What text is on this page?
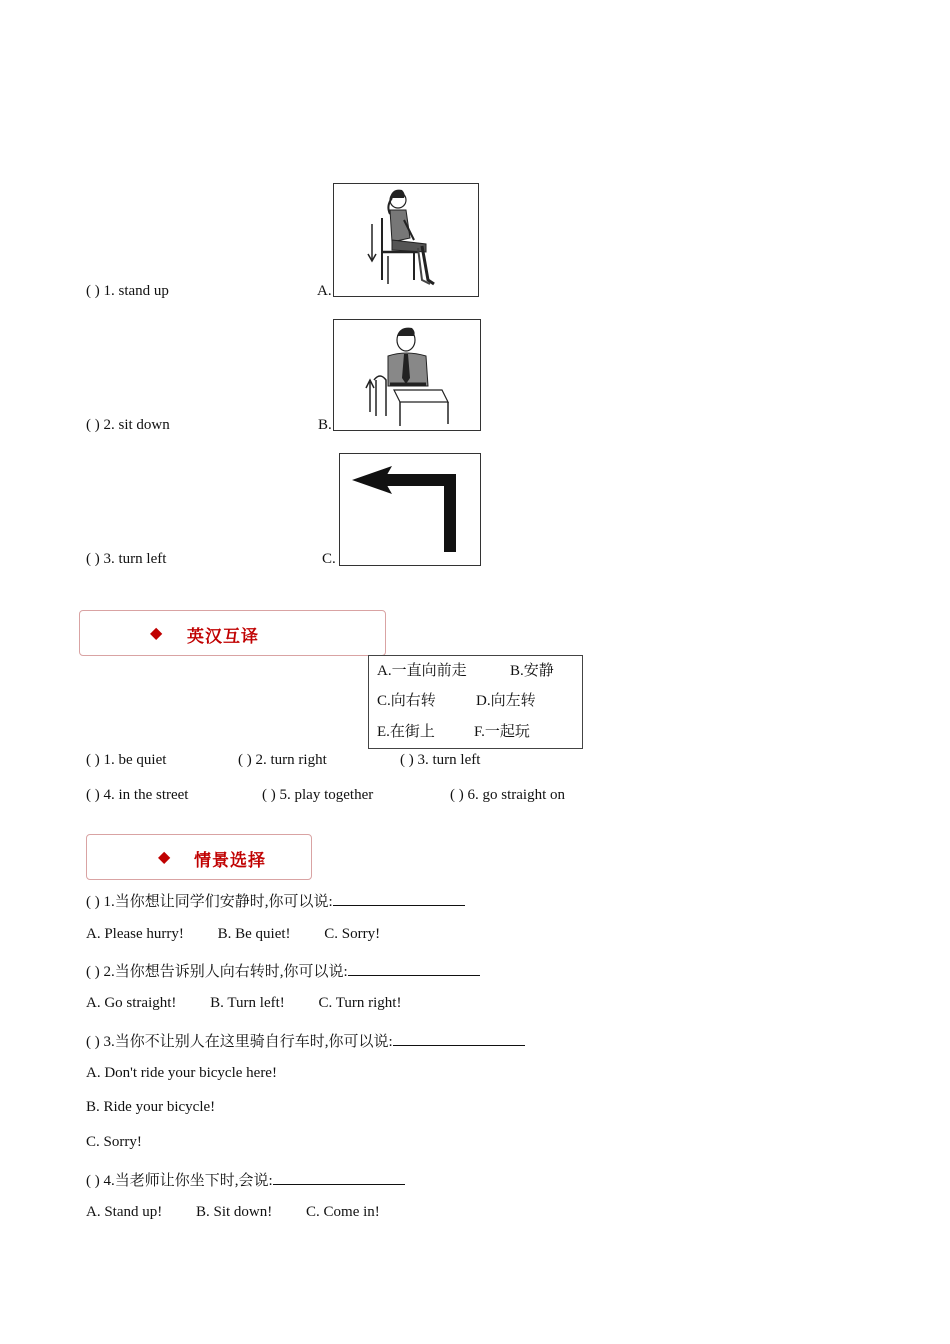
( ) 1. stand up	A.
( ) 2. sit down	B.
( ) 3. turn left	C.
◆ 英汉互译
A.一直向前走	B.安静
C.向右转	D.向左转
E.在街上	F.一起玩
( ) 1. be quiet	( ) 2. turn right	( ) 3. turn left
( ) 4. in the street	( ) 5. play together	( ) 6. go straight on
◆ 情景选择
( ) 1.当你想让同学们安静时,你可以说:
A. Please hurry! B. Be quiet! C. Sorry!
( ) 2.当你想告诉别人向右转时,你可以说:
A. Go straight! B. Turn left! C. Turn right!
( ) 3.当你不让别人在这里骑自行车时,你可以说:
A. Don't ride your bicycle here!
B. Ride your bicycle!
C. Sorry!
( ) 4.当老师让你坐下时,会说:
A. Stand up! B. Sit down! C. Come in!
